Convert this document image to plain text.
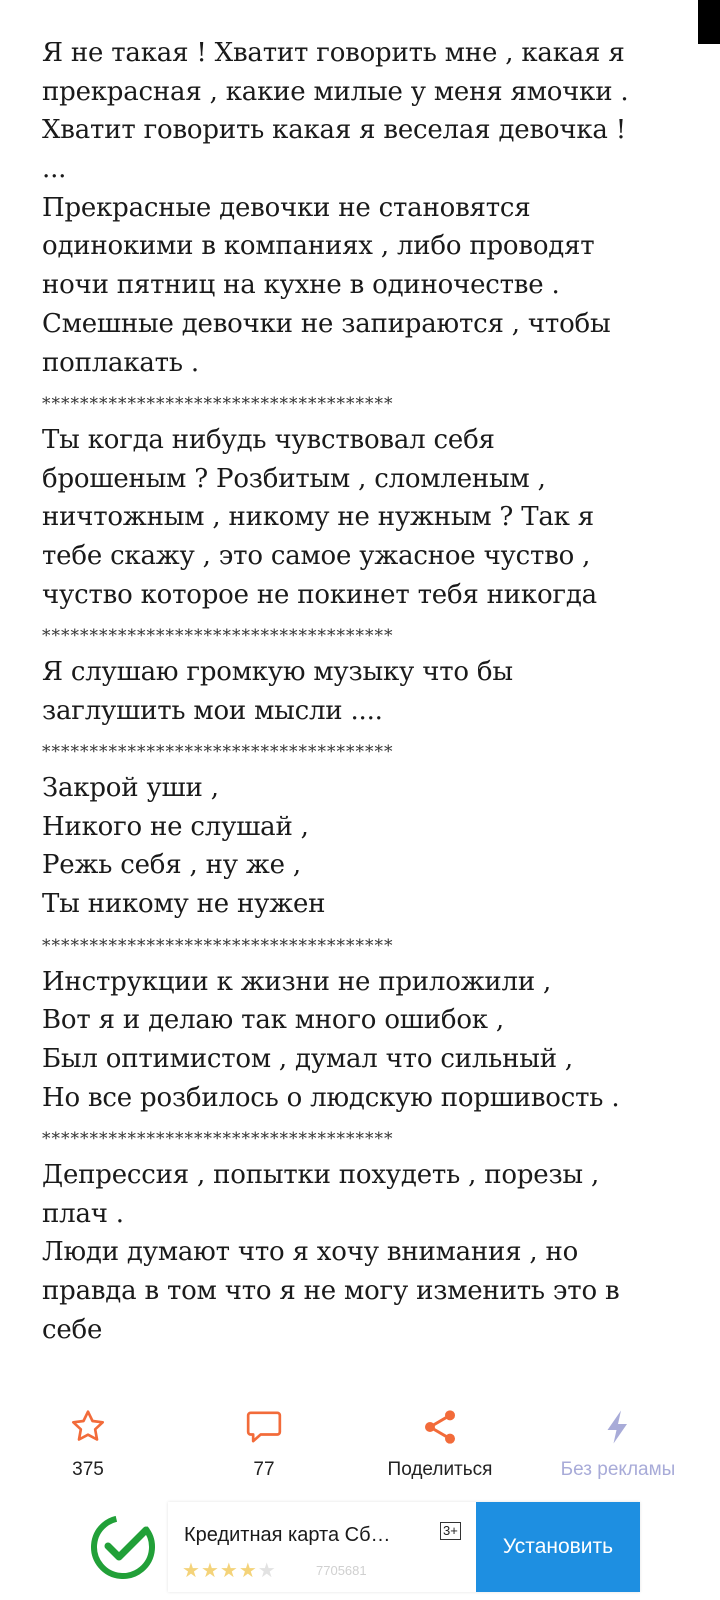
Я не такая ! Хватит говорить мне , какая я
прекрасная , какие милые у меня ямочки .
Хватит говорить какая я веселая девочка !
...
Прекрасные девочки не становятся
одинокими в компаниях , либо проводят
ночи пятниц на кухне в одиночестве .
Смешные девочки не запираются , чтобы
поплакать .
*************************************
Ты когда нибудь чувствовал себя
брошеным ? Розбитым , сломленым ,
ничтожным , никому не нужным ? Так я
тебе скажу , это самое ужасное чуство ,
чуство которое не покинет тебя никогда
*************************************
Я слушаю громкую музыку что бы
заглушить мои мысли ....
*************************************
Закрой уши ,
Никого не слушай ,
Режь себя , ну же ,
Ты никому не нужен
*************************************
Инструкции к жизни не приложили ,
Вот я и делаю так много ошибок ,
Был оптимистом , думал что сильный ,
Но все розбилось о людскую поршивость .
*************************************
Депрессия , попытки похудеть , порезы ,
плач .
Люди думают что я хочу внимания , но
правда в том что я не могу изменить это в
себе
375	77	Поделиться	Без рекламы
Кредитная карта Сб…	3+
★★★★★	7705681
Установить
